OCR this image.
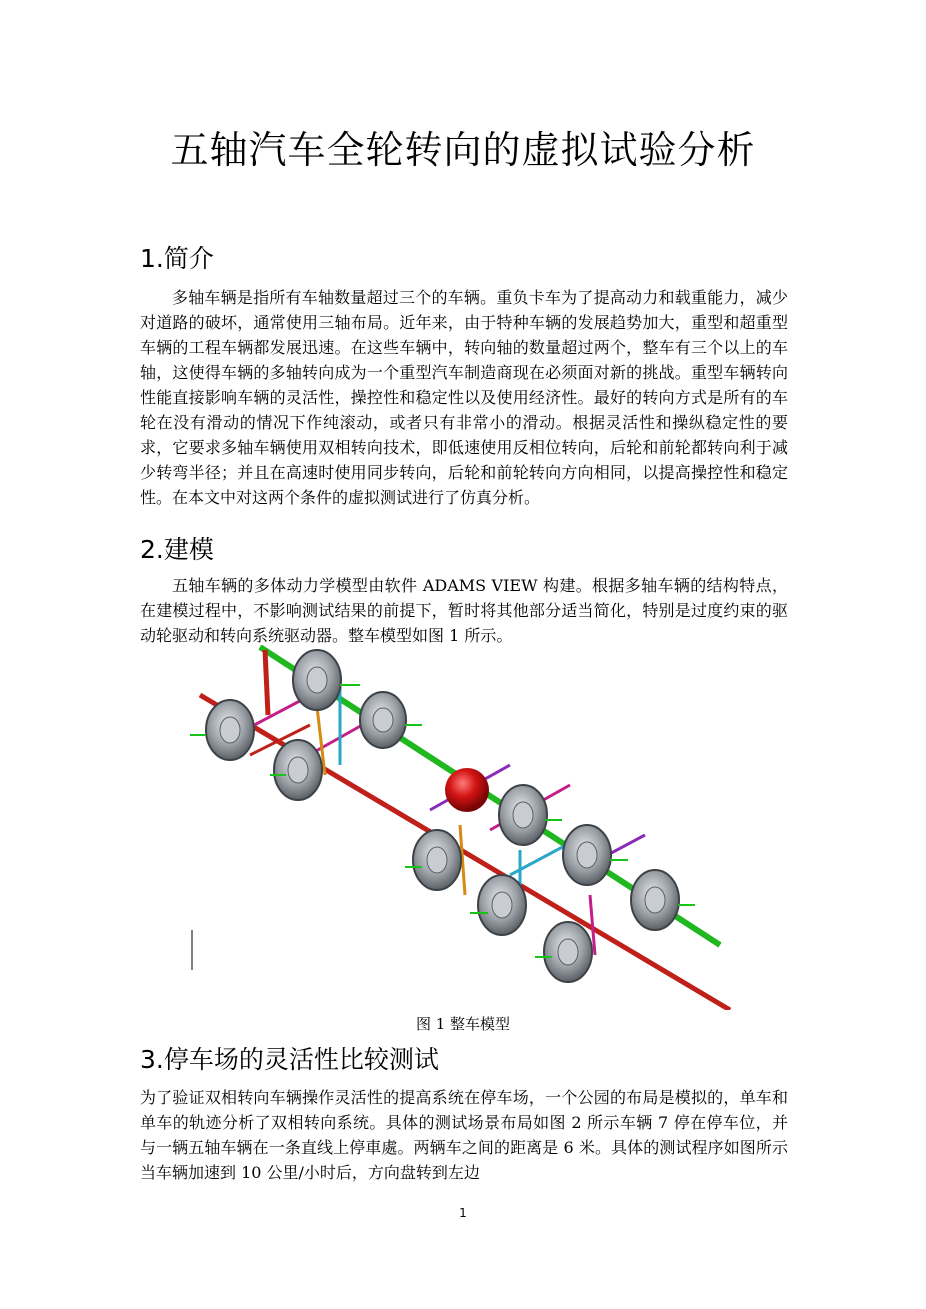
五轴汽车全轮转向的虚拟试验分析
1.简介

多轴车辆是指所有车轴数量超过三个的车辆。重负卡车为了提高动力和载重能力，减少对道路的破坏，通常使用三轴布局。近年来，由于特种车辆的发展趋势加大，重型和超重型车辆的工程车辆都发展迅速。在这些车辆中，转向轴的数量超过两个，整车有三个以上的车轴，这使得车辆的多轴转向成为一个重型汽车制造商现在必须面对新的挑战。重型车辆转向性能直接影响车辆的灵活性，操控性和稳定性以及使用经济性。最好的转向方式是所有的车轮在没有滑动的情况下作纯滚动，或者只有非常小的滑动。根据灵活性和操纵稳定性的要求，它要求多轴车辆使用双相转向技术，即低速使用反相位转向，后轮和前轮都转向利于减少转弯半径；并且在高速时使用同步转向，后轮和前轮转向方向相同，以提高操控性和稳定性。在本文中对这两个条件的虚拟测试进行了仿真分析。

2.建模

五轴车辆的多体动力学模型由软件 ADAMS VIEW 构建。根据多轴车辆的结构特点，在建模过程中，不影响测试结果的前提下，暂时将其他部分适当简化，特别是过度约束的驱动轮驱动和转向系统驱动器。整车模型如图 1 所示。

图 1 整车模型
3.停车场的灵活性比较测试

为了验证双相转向车辆操作灵活性的提高系统在停车场，一个公园的布局是模拟的，单车和单车的轨迹分析了双相转向系统。具体的测试场景布局如图 2 所示车辆 7 停在停车位，并与一辆五轴车辆在一条直线上停車處。两辆车之间的距离是 6 米。具体的测试程序如图所示当车辆加速到 10 公里/小时后，方向盘转到左边

1
